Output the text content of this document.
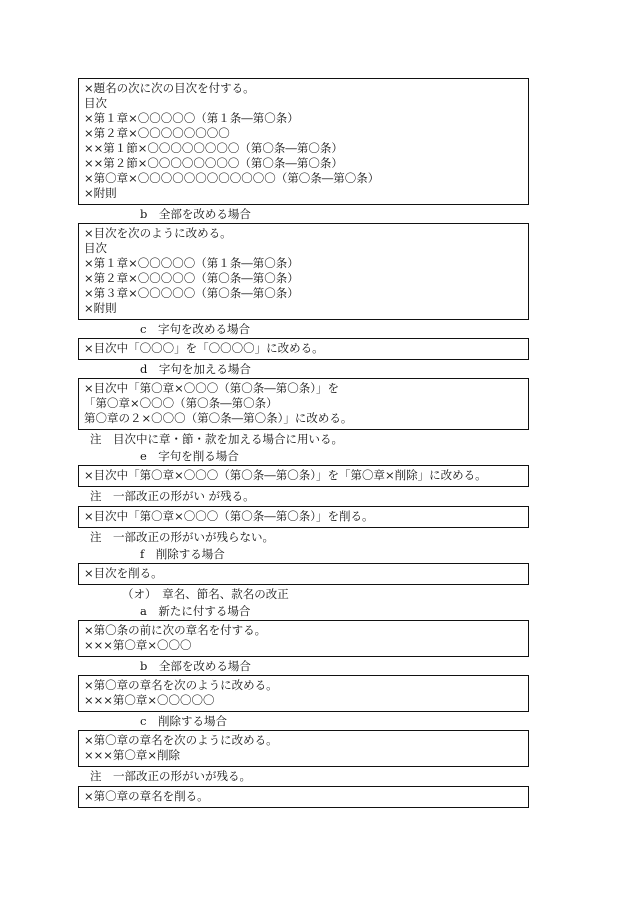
×題名の次に次の目次を付する。
目次
×第１章×〇〇〇〇〇（第１条―第〇条）
×第２章×〇〇〇〇〇〇〇〇
××第１節×〇〇〇〇〇〇〇〇（第〇条―第〇条）
××第２節×〇〇〇〇〇〇〇〇（第〇条―第〇条）
×第〇章×〇〇〇〇〇〇〇〇〇〇〇〇（第〇条―第〇条）
×附則
b　全部を改める場合
×目次を次のように改める。
目次
×第１章×〇〇〇〇〇（第１条―第〇条）
×第２章×〇〇〇〇〇（第〇条―第〇条）
×第３章×〇〇〇〇〇（第〇条―第〇条）
×附則
c　字句を改める場合
×目次中「〇〇〇」を「〇〇〇〇」に改める。
d　字句を加える場合
×目次中「第〇章×〇〇〇（第〇条―第〇条）」を
「第〇章×〇〇〇（第〇条―第〇条）
第〇章の２×〇〇〇（第〇条―第〇条）」に改める。
注　目次中に章・節・款を加える場合に用いる。
e　字句を削る場合
×目次中「第〇章×〇〇〇（第〇条―第〇条）」を「第〇章×削除」に改める。
注　一部改正の形がい が残る。
×目次中「第〇章×〇〇〇（第〇条―第〇条）」を削る。
注　一部改正の形がいが残らない。
f　削除する場合
×目次を削る。
（オ）　章名、節名、款名の改正
a　新たに付する場合
×第〇条の前に次の章名を付する。
×××第〇章×〇〇〇
b　全部を改める場合
×第〇章の章名を次のように改める。
×××第〇章×〇〇〇〇〇
c　削除する場合
×第〇章の章名を次のように改める。
×××第〇章×削除
注　一部改正の形がいが残る。
×第〇章の章名を削る。
